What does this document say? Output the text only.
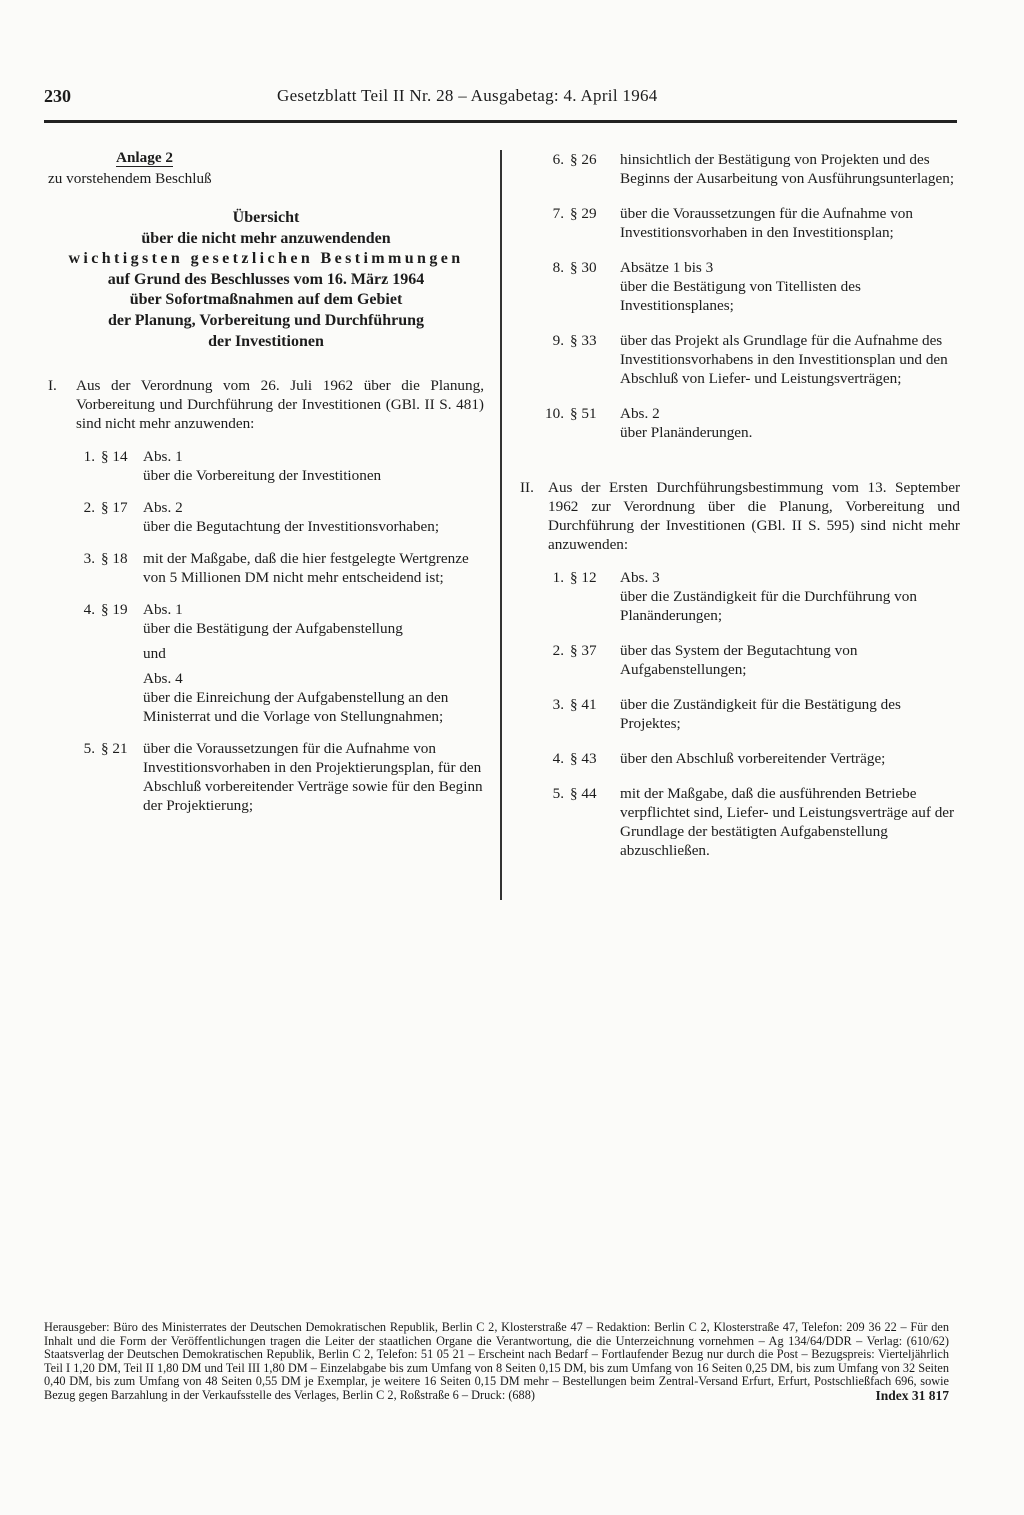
230	Gesetzblatt Teil II Nr. 28 – Ausgabetag: 4. April 1964
Anlage 2
zu vorstehendem Beschluß
Übersicht
über die nicht mehr anzuwendenden
wichtigsten gesetzlichen Bestimmungen
auf Grund des Beschlusses vom 16. März 1964
über Sofortmaßnahmen auf dem Gebiet
der Planung, Vorbereitung und Durchführung
der Investitionen
I.	Aus der Verordnung vom 26. Juli 1962 über die Planung, Vorbereitung und Durchführung der Investitionen (GBl. II S. 481) sind nicht mehr anzuwenden:
1. § 14	Abs. 1

über die Vorbereitung der Investitionen

2. § 17	Abs. 2

über die Begutachtung der Investitionsvorhaben;

3. § 18	mit der Maßgabe, daß die hier festgelegte Wertgrenze von 5 Millionen DM nicht mehr entscheidend ist;

4. § 19	Abs. 1

über die Bestätigung der Aufgabenstellung

und

Abs. 4

über die Einreichung der Aufgabenstellung an den Ministerrat und die Vorlage von Stellungnahmen;

5. § 21	über die Voraussetzungen für die Aufnahme von Investitionsvorhaben in den Projektierungsplan, für den Abschluß vorbereitender Verträge sowie für den Beginn der Projektierung;

6. § 26	hinsichtlich der Bestätigung von Projekten und des Beginns der Ausarbeitung von Ausführungsunterlagen;

7. § 29	über die Voraussetzungen für die Aufnahme von Investitionsvorhaben in den Investitionsplan;

8. § 30	Absätze 1 bis 3

über die Bestätigung von Titellisten des Investitionsplanes;

9. § 33	über das Projekt als Grundlage für die Aufnahme des Investitionsvorhabens in den Investitionsplan und den Abschluß von Liefer- und Leistungsverträgen;

10. § 51	Abs. 2

über Planänderungen.

II. Aus der Ersten Durchführungsbestimmung vom 13. September 1962 zur Verordnung über die Planung, Vorbereitung und Durchführung der Investitionen (GBl. II S. 595) sind nicht mehr anzuwenden:
1. § 12	Abs. 3

über die Zuständigkeit für die Durchführung von Planänderungen;

2. § 37	über das System der Begutachtung von Aufgabenstellungen;

3. § 41	über die Zuständigkeit für die Bestätigung des Projektes;

4. § 43	über den Abschluß vorbereitender Verträge;

5. § 44	mit der Maßgabe, daß die ausführenden Betriebe verpflichtet sind, Liefer- und Leistungsverträge auf der Grundlage der bestätigten Aufgabenstellung abzuschließen.

Herausgeber: Büro des Ministerrates der Deutschen Demokratischen Republik, Berlin C 2, Klosterstraße 47 – Redaktion: Berlin C 2, Klosterstraße 47, Telefon: 209 36 22 – Für den Inhalt und die Form der Veröffentlichungen tragen die Leiter der staatlichen Organe die Verantwortung, die die Unterzeichnung vornehmen – Ag 134/64/DDR – Verlag: (610/62) Staatsverlag der Deutschen Demokratischen Republik, Berlin C 2, Telefon: 51 05 21 – Erscheint nach Bedarf – Fortlaufender Bezug nur durch die Post – Bezugspreis: Vierteljährlich Teil I 1,20 DM, Teil II 1,80 DM und Teil III 1,80 DM – Einzelabgabe bis zum Umfang von 8 Seiten 0,15 DM, bis zum Umfang von 16 Seiten 0,25 DM, bis zum Umfang von 32 Seiten 0,40 DM, bis zum Umfang von 48 Seiten 0,55 DM je Exemplar, je weitere 16 Seiten 0,15 DM mehr – Bestellungen beim Zentral-Versand Erfurt, Erfurt, Postschließfach 696, sowie Bezug gegen Barzahlung in der Verkaufsstelle des Verlages, Berlin C 2, Roßstraße 6 – Druck: (688)	Index 31 817
